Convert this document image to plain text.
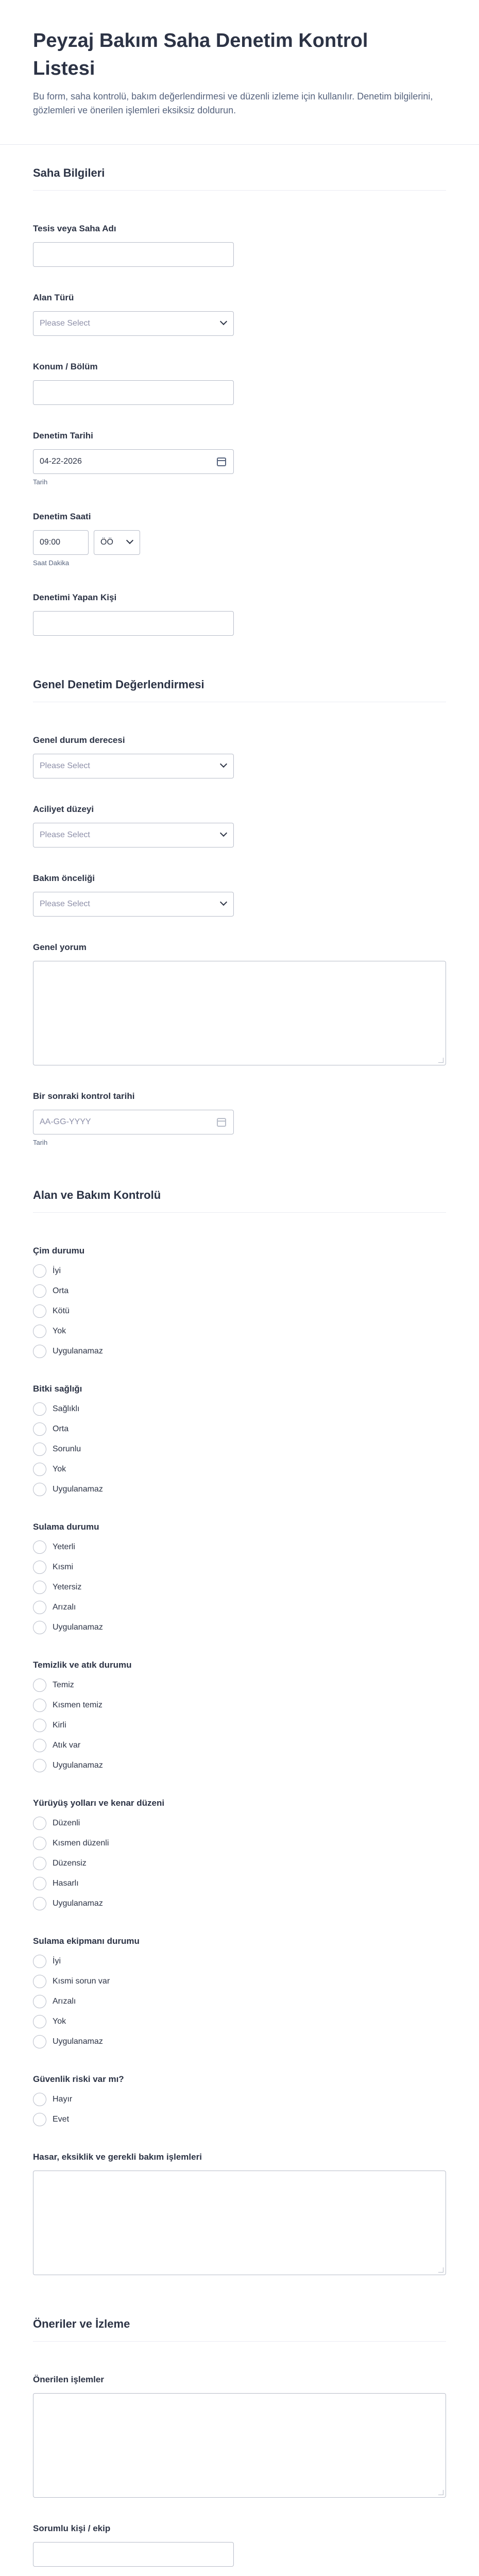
Peyzaj Bakım Saha Denetim Kontrol Listesi

Bu form, saha kontrolü, bakım değerlendirmesi ve düzenli izleme için kullanılır. Denetim bilgilerini, gözlemleri ve önerilen işlemleri eksiksiz doldurun.

Saha Bilgileri
Tesis veya Saha Adı
Alan Türü
Please Select
Konum / Bölüm
Denetim Tarihi
04-22-2026
Tarih
Denetim Saati
09:00	ÖÖ
Saat Dakika
Denetimi Yapan Kişi
Genel Denetim Değerlendirmesi
Genel durum derecesi
Please Select
Aciliyet düzeyi
Please Select
Bakım önceliği
Please Select
Genel yorum
Bir sonraki kontrol tarihi
AA-GG-YYYY
Tarih
Alan ve Bakım Kontrolü
Çim durumu
İyi
Orta
Kötü
Yok
Uygulanamaz
Bitki sağlığı
Sağlıklı
Orta
Sorunlu
Yok
Uygulanamaz
Sulama durumu
Yeterli
Kısmi
Yetersiz
Arızalı
Uygulanamaz
Temizlik ve atık durumu
Temiz
Kısmen temiz
Kirli
Atık var
Uygulanamaz
Yürüyüş yolları ve kenar düzeni
Düzenli
Kısmen düzenli
Düzensiz
Hasarlı
Uygulanamaz
Sulama ekipmanı durumu
İyi
Kısmi sorun var
Arızalı
Yok
Uygulanamaz
Güvenlik riski var mı?
Hayır
Evet
Hasar, eksiklik ve gerekli bakım işlemleri
Öneriler ve İzleme
Önerilen işlemler
Sorumlu kişi / ekip
